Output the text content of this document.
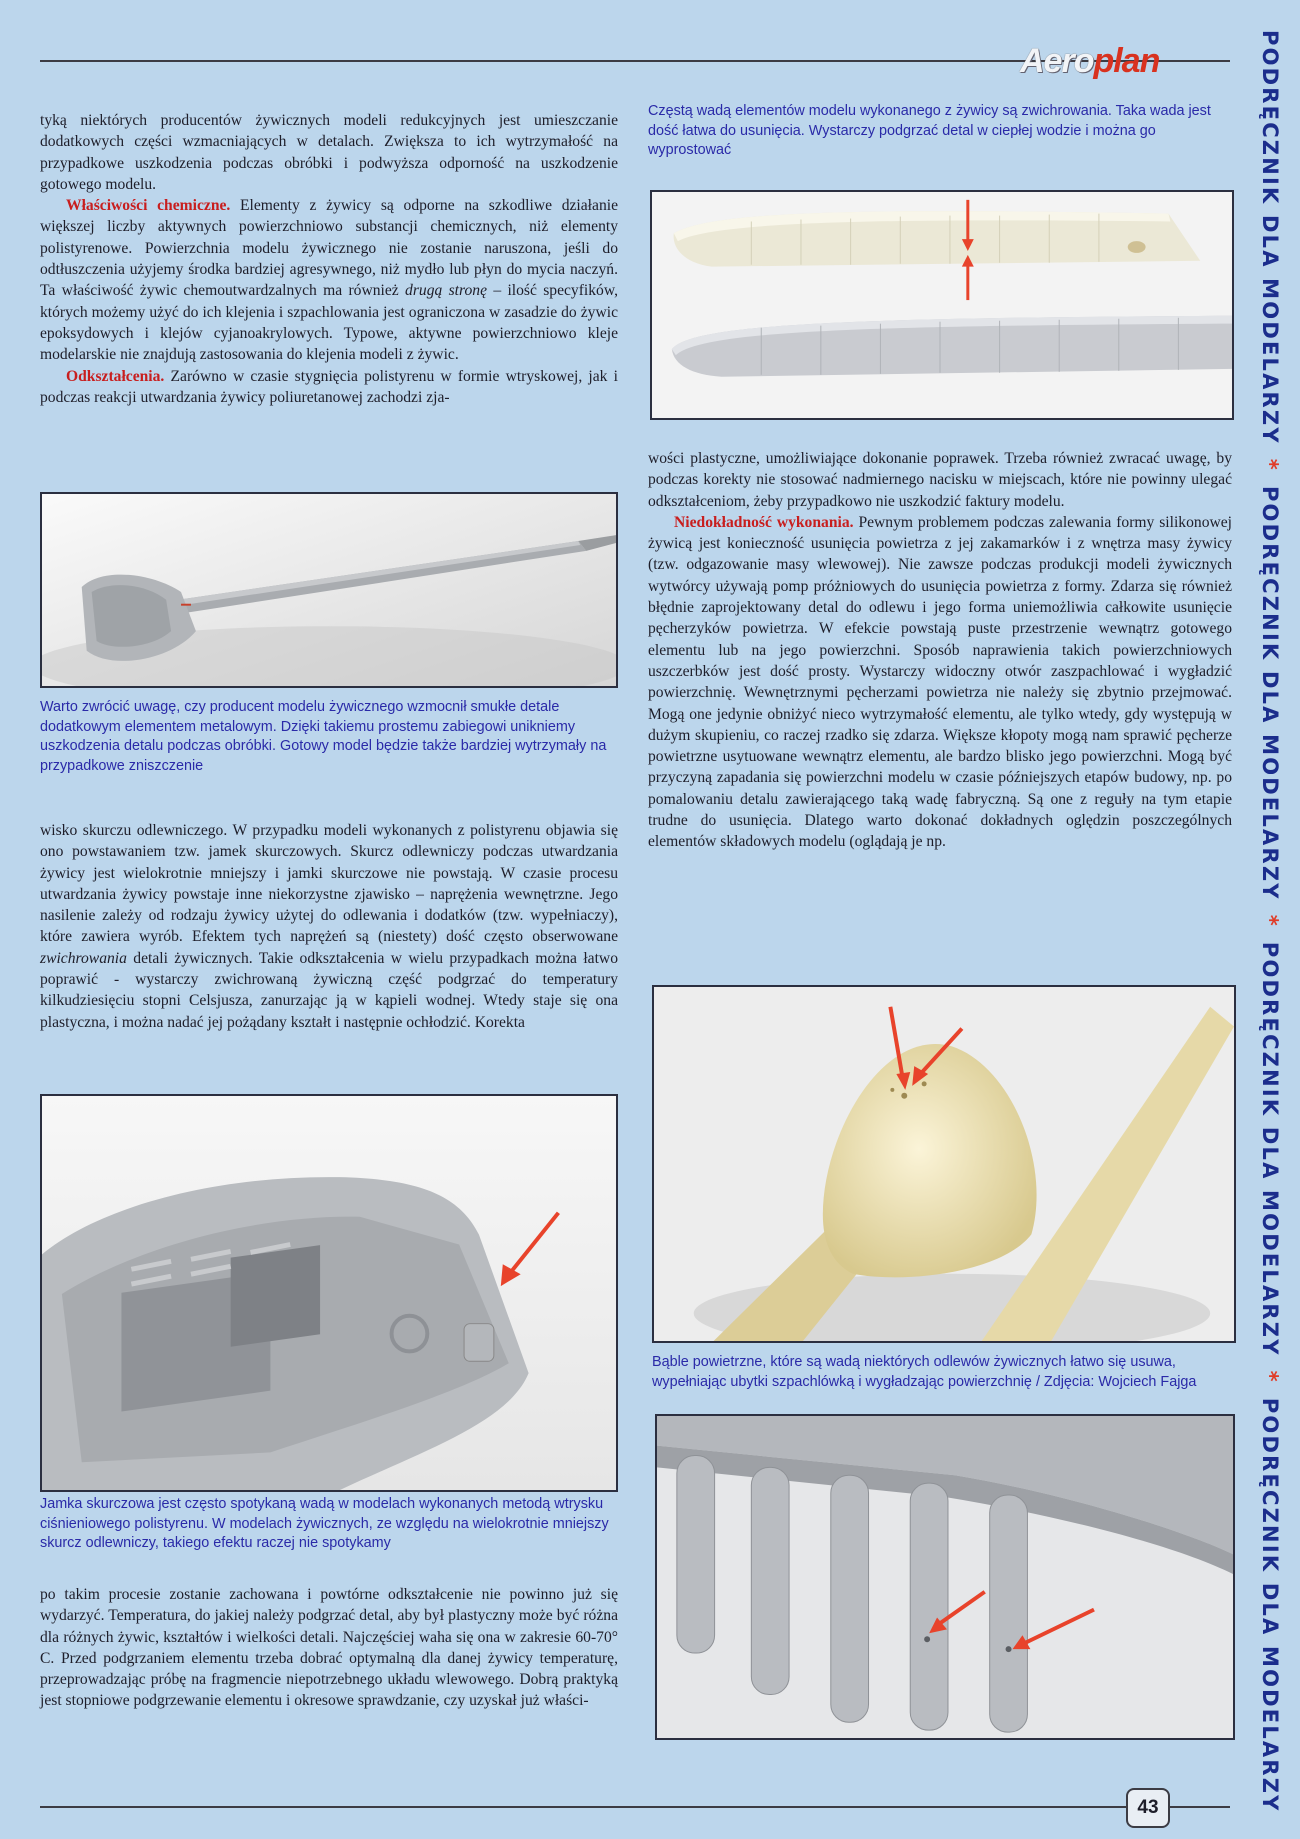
Aeroplan	PODRĘCZNIK DLA MODELARZY*PODRĘCZNIK DLA MODELARZY*PODRĘCZNIK DLA MODELARZY*PODRĘCZNIK DLA MODELARZY

tyką niektórych producentów żywicznych modeli redukcyjnych jest umieszczanie dodatkowych części wzmacniających w detalach. Zwiększa to ich wytrzymałość na przypadkowe uszkodzenia podczas obróbki i podwyższa odporność na uszkodzenie gotowego modelu.

Właściwości chemiczne. Elementy z żywicy są odporne na szkodliwe działanie większej liczby aktywnych powierzchniowo substancji chemicznych, niż elementy polistyrenowe. Powierzchnia modelu żywicznego nie zostanie naruszona, jeśli do odtłuszczenia użyjemy środka bardziej agresywnego, niż mydło lub płyn do mycia naczyń. Ta właściwość żywic chemoutwardzalnych ma również drugą stronę – ilość specyfików, których możemy użyć do ich klejenia i szpachlowania jest ograniczona w zasadzie do żywic epoksydowych i klejów cyjanoakrylowych. Typowe, aktywne powierzchniowo kleje modelarskie nie znajdują zastosowania do klejenia modeli z żywic.

Odkształcenia. Zarówno w czasie stygnięcia polistyrenu w formie wtryskowej, jak i podczas reakcji utwardzania żywicy poliuretanowej zachodzi zja-

Warto zwrócić uwagę, czy producent modelu żywicznego wzmocnił smukłe detale dodatkowym elementem metalowym. Dzięki takiemu prostemu zabiegowi unikniemy uszkodzenia detalu podczas obróbki. Gotowy model będzie także bardziej wytrzymały na przypadkowe zniszczenie

wisko skurczu odlewniczego. W przypadku modeli wykonanych z polistyrenu objawia się ono powstawaniem tzw. jamek skurczowych. Skurcz odlewniczy podczas utwardzania żywicy jest wielokrotnie mniejszy i jamki skurczowe nie powstają. W czasie procesu utwardzania żywicy powstaje inne niekorzystne zjawisko – naprężenia wewnętrzne. Jego nasilenie zależy od rodzaju żywicy użytej do odlewania i dodatków (tzw. wypełniaczy), które zawiera wyrób. Efektem tych naprężeń są (niestety) dość często obserwowane zwichrowania detali żywicznych. Takie odkształcenia w wielu przypadkach można łatwo poprawić - wystarczy zwichrowaną żywiczną część podgrzać do temperatury kilkudziesięciu stopni Celsjusza, zanurzając ją w kąpieli wodnej. Wtedy staje się ona plastyczna, i można nadać jej pożądany kształt i następnie ochłodzić. Korekta

Jamka skurczowa jest często spotykaną wadą w modelach wykonanych metodą wtrysku ciśnieniowego polistyrenu. W modelach żywicznych, ze względu na wielokrotnie mniejszy skurcz odlewniczy, takiego efektu raczej nie spotykamy

po takim procesie zostanie zachowana i powtórne odkształcenie nie powinno już się wydarzyć. Temperatura, do jakiej należy podgrzać detal, aby był plastyczny może być różna dla różnych żywic, kształtów i wielkości detali. Najczęściej waha się ona w zakresie 60-70° C. Przed podgrzaniem elementu trzeba dobrać optymalną dla danej żywicy temperaturę, przeprowadzając próbę na fragmencie niepotrzebnego układu wlewowego. Dobrą praktyką jest stopniowe podgrzewanie elementu i okresowe sprawdzanie, czy uzyskał już właści-

Częstą wadą elementów modelu wykonanego z żywicy są zwichrowania. Taka wada jest dość łatwa do usunięcia. Wystarczy podgrzać detal w ciepłej wodzie i można go wyprostować

wości plastyczne, umożliwiające dokonanie poprawek. Trzeba również zwracać uwagę, by podczas korekty nie stosować nadmiernego nacisku w miejscach, które nie powinny ulegać odkształceniom, żeby przypadkowo nie uszkodzić faktury modelu.

Niedokładność wykonania. Pewnym problemem podczas zalewania formy silikonowej żywicą jest konieczność usunięcia powietrza z jej zakamarków i z wnętrza masy żywicy (tzw. odgazowanie masy wlewowej). Nie zawsze podczas produkcji modeli żywicznych wytwórcy używają pomp próżniowych do usunięcia powietrza z formy. Zdarza się również błędnie zaprojektowany detal do odlewu i jego forma uniemożliwia całkowite usunięcie pęcherzyków powietrza. W efekcie powstają puste przestrzenie wewnątrz gotowego elementu lub na jego powierzchni. Sposób naprawienia takich powierzchniowych uszczerbków jest dość prosty. Wystarczy widoczny otwór zaszpachlować i wygładzić powierzchnię. Wewnętrznymi pęcherzami powietrza nie należy się zbytnio przejmować. Mogą one jedynie obniżyć nieco wytrzymałość elementu, ale tylko wtedy, gdy występują w dużym skupieniu, co raczej rzadko się zdarza. Większe kłopoty mogą nam sprawić pęcherze powietrzne usytuowane wewnątrz elementu, ale bardzo blisko jego powierzchni. Mogą być przyczyną zapadania się powierzchni modelu w czasie późniejszych etapów budowy, np. po pomalowaniu detalu zawierającego taką wadę fabryczną. Są one z reguły na tym etapie trudne do usunięcia. Dlatego warto dokonać dokładnych oględzin poszczególnych elementów składowych modelu (oglądają je np.

Bąble powietrzne, które są wadą niektórych odlewów żywicznych łatwo się usuwa, wypełniając ubytki szpachlówką i wygładzając powierzchnię / Zdjęcia: Wojciech Fajga

43
